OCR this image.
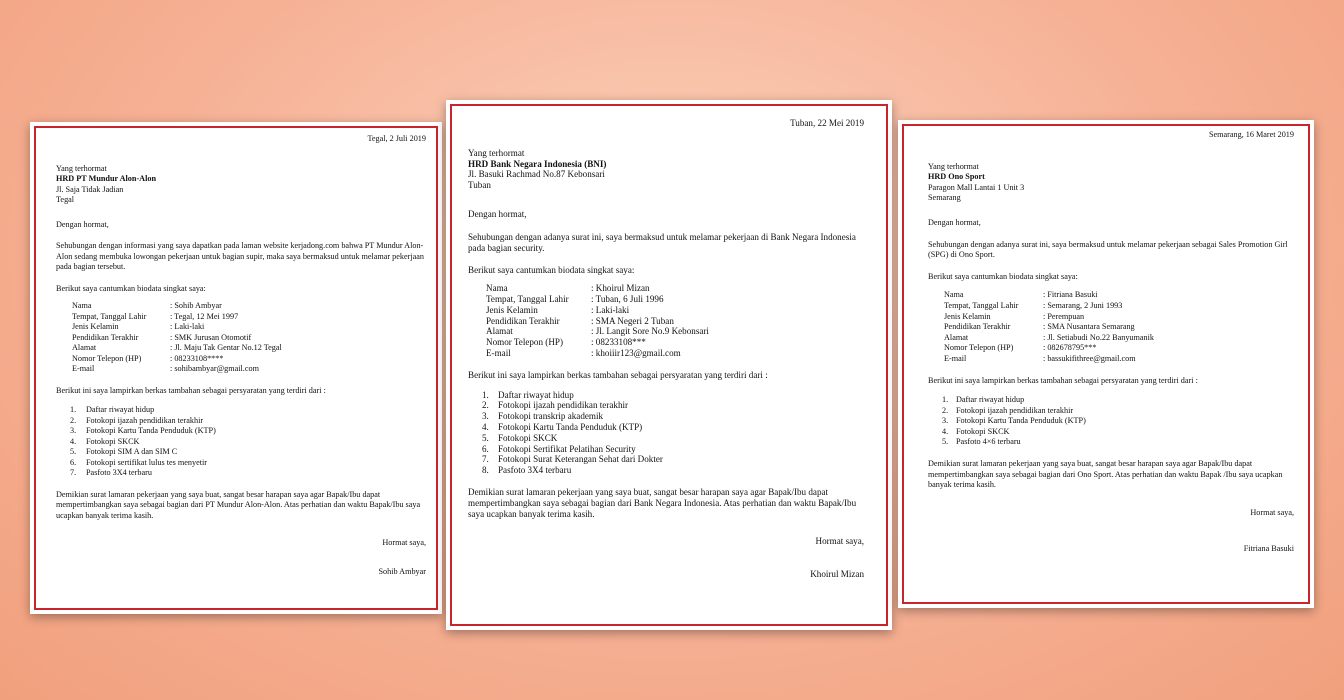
Tegal, 2 Juli 2019
Yang terhormat
HRD PT Mundur Alon-Alon
Jl. Saja Tidak Jadian
Tegal
Dengan hormat,

Sehubungan dengan informasi yang saya dapatkan pada laman website kerjadong.com bahwa PT Mundur Alon-Alon sedang membuka lowongan pekerjaan untuk bagian supir, maka saya bermaksud untuk melamar pekerjaan pada bagian tersebut.

Berikut saya cantumkan biodata singkat saya:
Nama	: Sohib Ambyar
Tempat, Tanggal Lahir	: Tegal, 12 Mei 1997
Jenis Kelamin	: Laki-laki
Pendidikan Terakhir	: SMK Jurusan Otomotif
Alamat	: Jl. Maju Tak Gentar No.12 Tegal
Nomor Telepon (HP)	: 08233108****
E-mail	: sohibambyar@gmail.com
Berikut ini saya lampirkan berkas tambahan sebagai persyaratan yang terdiri dari :
1.	Daftar riwayat hidup
2.	Fotokopi ijazah pendidikan terakhir
3.	Fotokopi Kartu Tanda Penduduk (KTP)
4.	Fotokopi SKCK
5.	Fotokopi SIM A dan SIM C
6.	Fotokopi sertifikat lulus tes menyetir
7.	Pasfoto 3X4 terbaru

Demikian surat lamaran pekerjaan yang saya buat, sangat besar harapan saya agar Bapak/Ibu dapat mempertimbangkan saya sebagai bagian dari PT Mundur Alon-Alon. Atas perhatian dan waktu Bapak/Ibu saya ucapkan banyak terima kasih.

Hormat saya,
Sohib Ambyar
Tuban, 22 Mei 2019
Yang terhormat
HRD Bank Negara Indonesia (BNI)
Jl. Basuki Rachmad No.87 Kebonsari
Tuban
Dengan hormat,

Sehubungan dengan adanya surat ini, saya bermaksud untuk melamar pekerjaan di Bank Negara Indonesia pada bagian security.

Berikut saya cantumkan biodata singkat saya:
Nama	: Khoirul Mizan
Tempat, Tanggal Lahir	: Tuban, 6 Juli 1996
Jenis Kelamin	: Laki-laki
Pendidikan Terakhir	: SMA Negeri 2 Tuban
Alamat	: Jl. Langit Sore No.9 Kebonsari
Nomor Telepon (HP)	: 08233108***
E-mail	: khoiiir123@gmail.com
Berikut ini saya lampirkan berkas tambahan sebagai persyaratan yang terdiri dari :
1.	Daftar riwayat hidup
2.	Fotokopi ijazah pendidikan terakhir
3.	Fotokopi transkrip akademik
4.	Fotokopi Kartu Tanda Penduduk (KTP)
5.	Fotokopi SKCK
6.	Fotokopi Sertifikat Pelatihan Security
7.	Fotokopi Surat Keterangan Sehat dari Dokter
8.	Pasfoto 3X4 terbaru

Demikian surat lamaran pekerjaan yang saya buat, sangat besar harapan saya agar Bapak/Ibu dapat mempertimbangkan saya sebagai bagian dari Bank Negara Indonesia. Atas perhatian dan waktu Bapak/Ibu saya ucapkan banyak terima kasih.

Hormat saya,
Khoirul Mizan
Semarang, 16 Maret 2019
Yang terhormat
HRD Ono Sport
Paragon Mall Lantai 1 Unit 3
Semarang
Dengan hormat,

Sehubungan dengan adanya surat ini, saya bermaksud untuk melamar pekerjaan sebagai Sales Promotion Girl (SPG) di Ono Sport.

Berikut saya cantumkan biodata singkat saya:
Nama	: Fitriana Basuki
Tempat, Tanggal Lahir	: Semarang, 2 Juni 1993
Jenis Kelamin	: Perempuan
Pendidikan Terakhir	: SMA Nusantara Semarang
Alamat	: Jl. Setiabudi No.22 Banyumanik
Nomor Telepon (HP)	: 082678795***
E-mail	: bassukifithree@gmail.com
Berikut ini saya lampirkan berkas tambahan sebagai persyaratan yang terdiri dari :
1. Daftar riwayat hidup
2. Fotokopi ijazah pendidikan terakhir
3. Fotokopi Kartu Tanda Penduduk (KTP)
4. Fotokopi SKCK
5. Pasfoto 4×6 terbaru

Demikian surat lamaran pekerjaan yang saya buat, sangat besar harapan saya agar Bapak/Ibu dapat mempertimbangkan saya sebagai bagian dari Ono Sport. Atas perhatian dan waktu Bapak /Ibu saya ucapkan banyak terima kasih.

Hormat saya,
Fitriana Basuki
